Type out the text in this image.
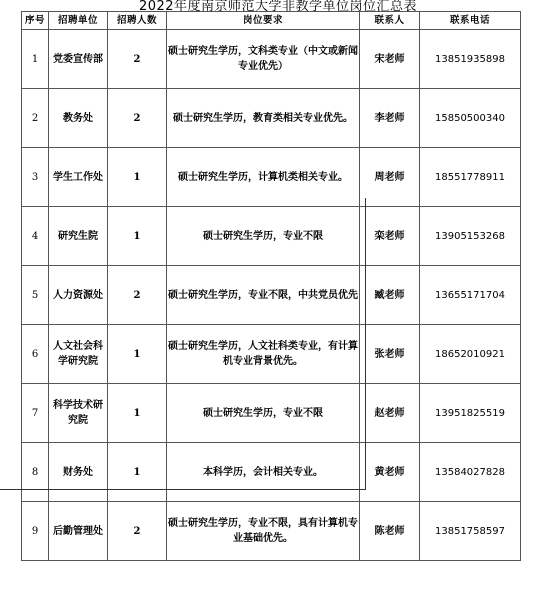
2022年度南京师范大学非教学单位岗位汇总表
序号	招聘单位	招聘人数	岗位要求	联系人	联系电话
1	党委宣传部	2	硕士研究生学历，文科类专业（中文或新闻专业优先）	宋老师	13851935898
2	教务处	2	硕士研究生学历，教育类相关专业优先。	李老师	15850500340
3	学生工作处	1	硕士研究生学历，计算机类相关专业。	周老师	18551778911
4	研究生院	1	硕士研究生学历，专业不限	栾老师	13905153268
5	人力资源处	2	硕士研究生学历，专业不限，中共党员优先	臧老师	13655171704
6	人文社会科学研究院	1	硕士研究生学历，人文社科类专业，有计算机专业背景优先。	张老师	18652010921
7	科学技术研究院	1	硕士研究生学历，专业不限	赵老师	13951825519
8	财务处	1	本科学历，会计相关专业。	黄老师	13584027828
9	后勤管理处	2	硕士研究生学历，专业不限，具有计算机专业基础优先。	陈老师	13851758597
